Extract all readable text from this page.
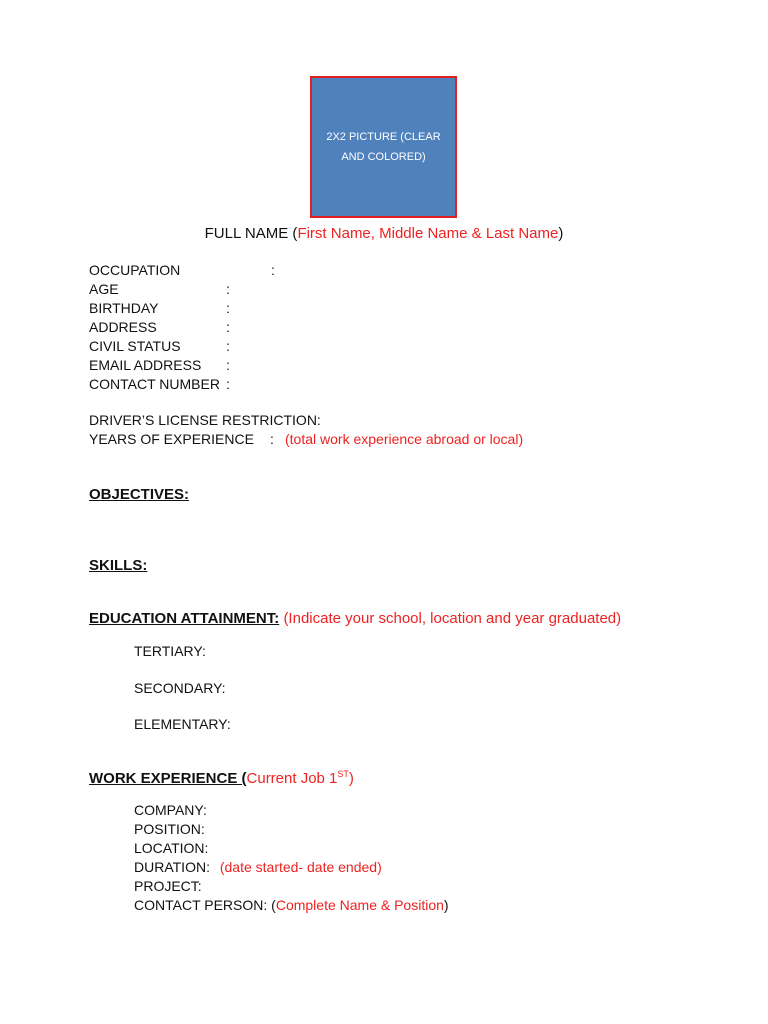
2X2 PICTURE (CLEAR AND COLORED)
FULL NAME (First Name, Middle Name & Last Name)
OCCUPATION	:
AGE	:
BIRTHDAY	:
ADDRESS	:
CIVIL STATUS	:
EMAIL ADDRESS :
CONTACT NUMBER :
DRIVER’S LICENSE RESTRICTION:
YEARS OF EXPERIENCE : (total work experience abroad or local)
OBJECTIVES:
SKILLS:
EDUCATION ATTAINMENT: (Indicate your school, location and year graduated)
TERTIARY:
SECONDARY:
ELEMENTARY:
WORK EXPERIENCE (Current Job 1ST)
COMPANY:
POSITION:
LOCATION:
DURATION: (date started- date ended)
PROJECT:
CONTACT PERSON: (Complete Name & Position)
